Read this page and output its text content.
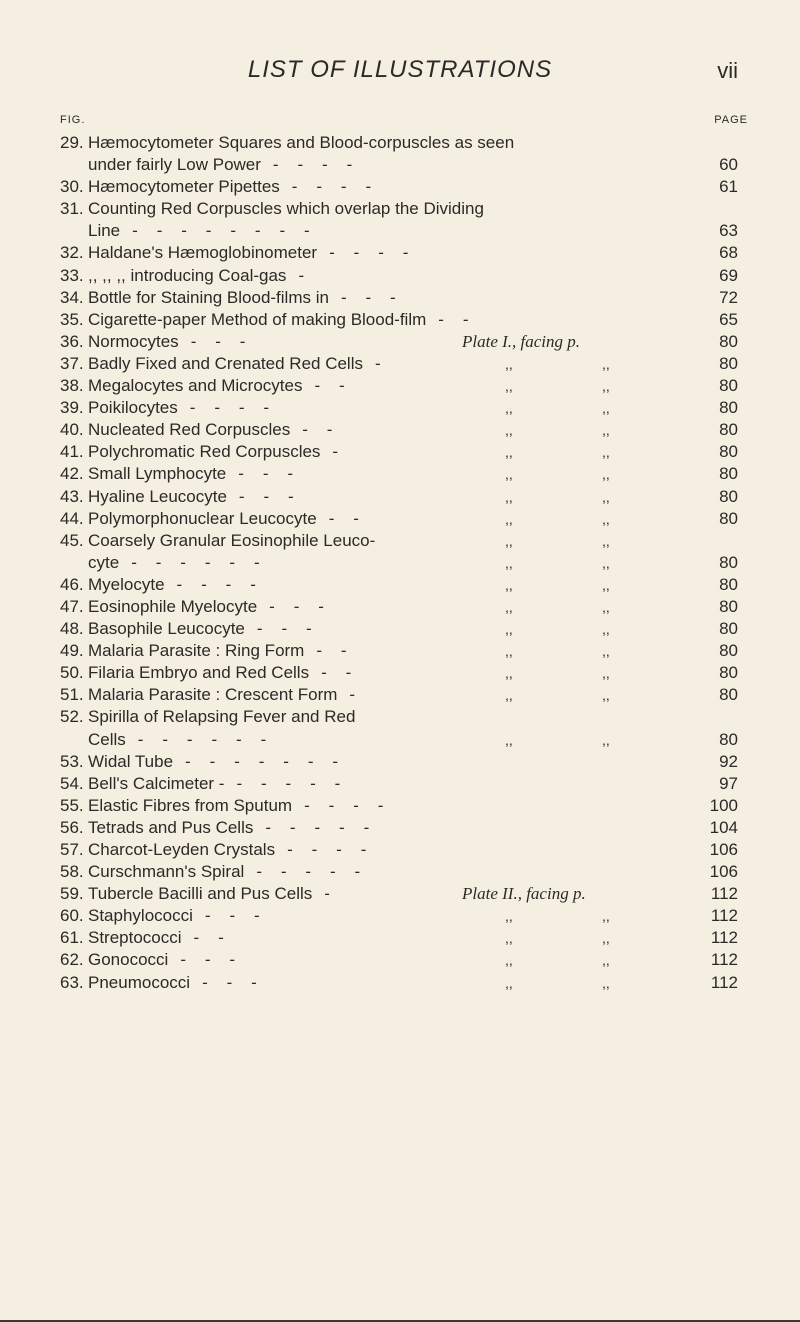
LIST OF ILLUSTRATIONS	vii
FIG.	PAGE
29. Hæmocytometer Squares and Blood-corpuscles as seen
under fairly Low Power -    -    -    -	60
30. Hæmocytometer Pipettes -    -    -    -	61
31. Counting Red Corpuscles which overlap the Dividing
Line -    -    -    -    -    -    -    -	63
32. Haldane's Hæmoglobinometer -    -    -    -	68
33. ,, ,, ,, introducing Coal-gas -	69
34. Bottle for Staining Blood-films in -    -    -	72
35. Cigarette-paper Method of making Blood-film -    -	65
36. Normocytes -    -    -	Plate I., facing p.	80
37. Badly Fixed and Crenated Red Cells -	,,	,,	80
38. Megalocytes and Microcytes -    -	,,	,,	80
39. Poikilocytes -    -    -    -	,,	,,	80
40. Nucleated Red Corpuscles -    -	,,	,,	80
41. Polychromatic Red Corpuscles -	,,	,,	80
42. Small Lymphocyte -    -    -	,,	,,	80
43. Hyaline Leucocyte -    -    -	,,	,,	80
44. Polymorphonuclear Leucocyte -    -	,,	,,	80
45. Coarsely Granular Eosinophile Leuco-	,,	,,
cyte -    -    -    -    -    -	,,	,,	80
46. Myelocyte -    -    -    -	,,	,,	80
47. Eosinophile Myelocyte -    -    -	,,	,,	80
48. Basophile Leucocyte -    -    -	,,	,,	80
49. Malaria Parasite : Ring Form -    -	,,	,,	80
50. Filaria Embryo and Red Cells -    -	,,	,,	80
51. Malaria Parasite : Crescent Form -	,,	,,	80
52. Spirilla of Relapsing Fever and Red
Cells -    -    -    -    -    -	,,	,,	80
53. Widal Tube -    -    -    -    -    -    -	92
54. Bell's Calcimeter - -    -    -    -    -	97
55. Elastic Fibres from Sputum -    -    -    -	100
56. Tetrads and Pus Cells -    -    -    -    -	104
57. Charcot-Leyden Crystals -    -    -    -	106
58. Curschmann's Spiral -    -    -    -    -	106
59. Tubercle Bacilli and Pus Cells -	Plate II., facing p.	112
60. Staphylococci -    -    -	,,	,,	112
61. Streptococci -    -	,,	,,	112
62. Gonococci -    -    -	,,	,,	112
63. Pneumococci -    -    -	,,	,,	112
